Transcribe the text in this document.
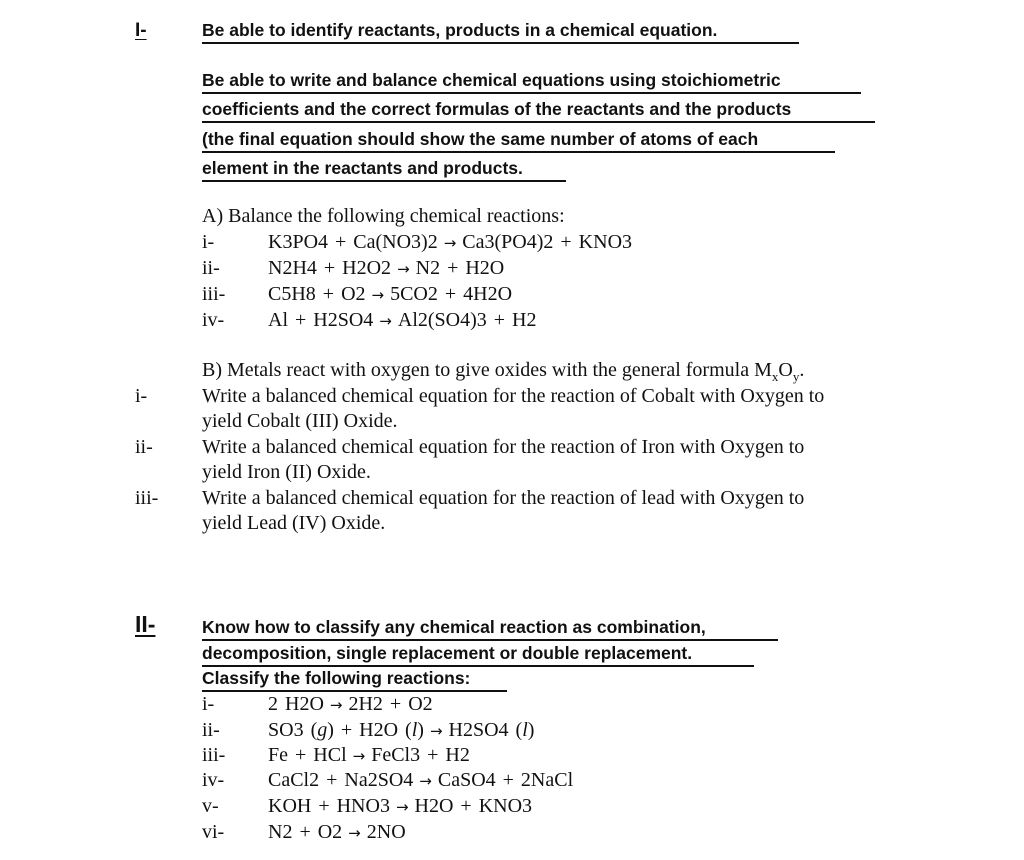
I-	Be able to identify reactants, products in a chemical equation.
Be able to write and balance chemical equations using stoichiometric
coefficients and the correct formulas of the reactants and the products
(the final equation should show the same number of atoms of each
element in the reactants and products.
A) Balance the following chemical reactions:
i-	K3PO4 + Ca(NO3)2 → Ca3(PO4)2 + KNO3
ii- N2H4 + H2O2 → N2 + H2O
iii- C5H8 + O2 → 5CO2 + 4H2O
iv- Al + H2SO4 → Al2(SO4)3 + H2
B) Metals react with oxygen to give oxides with the general formula $M_xO_y$.
i-	Write a balanced chemical equation for the reaction of Cobalt with Oxygen to
yield Cobalt (III) Oxide.
ii- Write a balanced chemical equation for the reaction of Iron with Oxygen to
yield Iron (II) Oxide.
iii- Write a balanced chemical equation for the reaction of lead with Oxygen to
yield Lead (IV) Oxide.
II-	Know how to classify any chemical reaction as combination,
decomposition, single replacement or double replacement.
Classify the following reactions:
i-	2 H2O → 2H2 + O2
ii- SO3 (g) + H2O (l) → H2SO4 (l)
iii- Fe + HCl → FeCl3 + H2
iv- CaCl2 + Na2SO4 → CaSO4 + 2NaCl
v- KOH + HNO3 → H2O + KNO3
vi- N2 + O2 → 2NO
